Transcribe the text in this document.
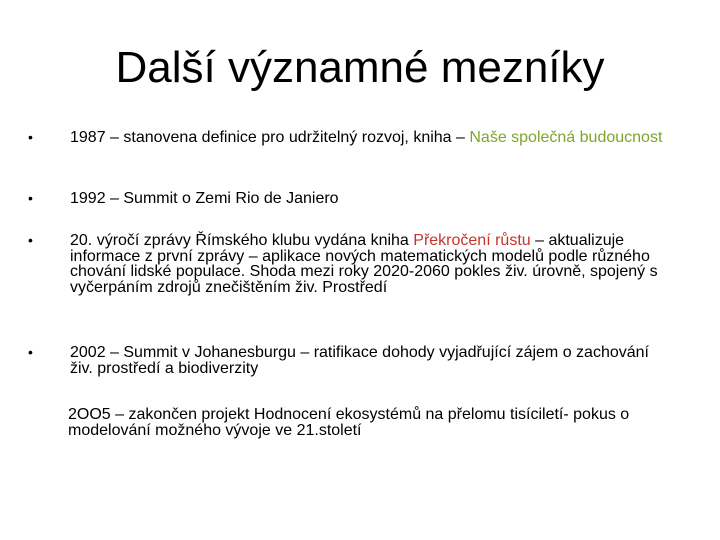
Další významné mezníky
•	1987 – stanovena definice pro udržitelný rozvoj, kniha – Naše společná budoucnost
•	1992 – Summit o Zemi Rio de Janiero
•	20. výročí zprávy Římského klubu vydána kniha Překročení růstu – aktualizuje informace z první zprávy – aplikace nových matematických modelů podle různého chování lidské populace. Shoda mezi roky 2020-2060 pokles živ. úrovně, spojený s vyčerpáním zdrojů znečištěním živ. Prostředí
•	2002 – Summit v Johanesburgu – ratifikace dohody vyjadřující zájem o zachování živ. prostředí a biodiverzity
2OO5 – zakončen projekt Hodnocení ekosystémů na přelomu tisíciletí- pokus o modelování možného vývoje ve 21.století
